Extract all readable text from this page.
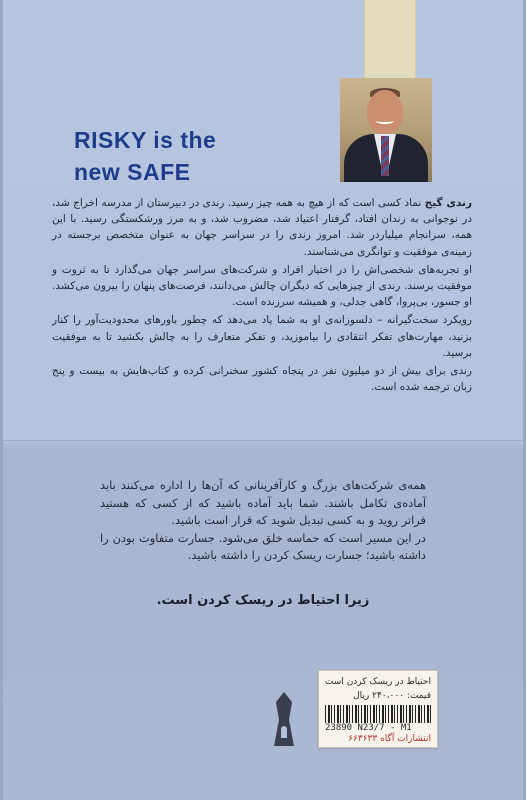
RISKY is the
new SAFE

رندی گیج نماد کسی است که از هیچ به همه چیز رسید. رندی در دبیرستان از مدرسه اخراج شد، در نوجوانی به زندان افتاد، گرفتار اعتیاد شد، مضروب شد، و به مرز ورشکستگی رسید. با این همه، سرانجام میلیاردر شد. امروز رندی را در سراسر جهان به عنوان متخصص برجسته در زمینه‌ی موفقیت و توانگری می‌شناسند.

او تجربه‌های شخصی‌اش را در اختیار افراد و شرکت‌های سراسر جهان می‌گذارد تا به ثروت و موفقیت برسند. رندی از چیزهایی که دیگران چالش می‌دانند، فرصت‌های پنهان را بیرون می‌کشد. او جسور، بی‌پروا، گاهی جدلی، و همیشه سرزنده است.

رویکرد سخت‌گیرانه – دلسوزانه‌ی او به شما یاد می‌دهد که چطور باورهای محدودیت‌آور را کنار بزنید، مهارت‌های تفکر انتقادی را بیاموزید، و تفکر متعارف را به چالش بکشید تا به موفقیت برسید.

رندی برای بیش از دو میلیون نفر در پنجاه کشور سخنرانی کرده و کتاب‌هایش به بیست و پنج زبان ترجمه شده است.

همه‌ی شرکت‌های بزرگ و کارآفرینانی که آن‌ها را اداره می‌کنند باید آماده‌ی تکامل باشند. شما باید آماده باشید که از کسی که هستید فراتر روید و به کسی تبدیل شوید که قرار است باشید.

در این مسیر است که حماسه خلق می‌شود. جسارت متفاوت بودن را داشته باشید؛ جسارت ریسک کردن را داشته باشید.

زیرا احتیاط در ریسک کردن است.
احتیاط در ریسک کردن است
قیمت: ۲۴۰،۰۰۰ ریال
23890 N23/7 - M1
انتشارات آگاه ۶۶۳۶۳۳
